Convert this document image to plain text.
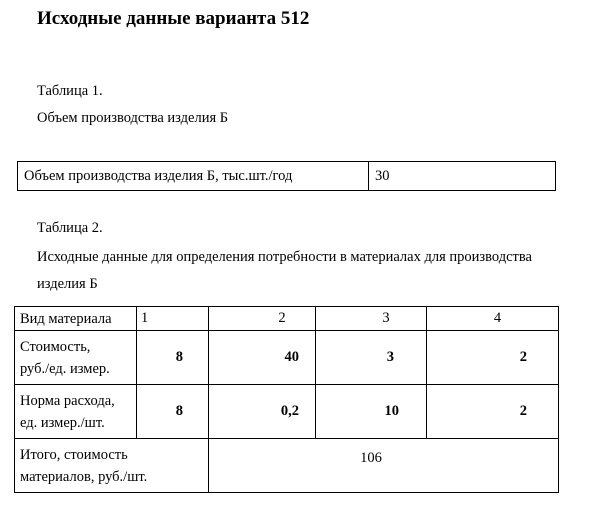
Исходные данные варианта 512
Таблица 1.
Объем производства изделия Б
Объем производства изделия Б, тыс.шт./год	30
Таблица 2.
Исходные данные для определения потребности в материалах для производства
изделия Б
Вид материала	1	2	3	4

Стоимость,
руб./ед. измер.	8	40	3	2

Норма расхода,
ед. измер./шт.	8	0,2	10	2

Итого, стоимость
материалов, руб./шт.		106		
